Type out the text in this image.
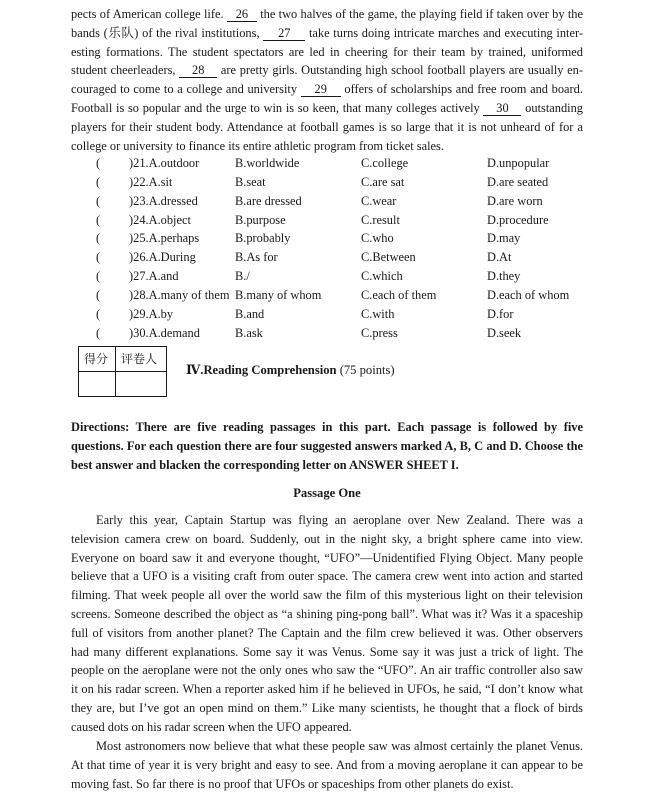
pects of American college life. 26 the two halves of the game, the playing field if taken over by the bands (乐队) of the rival institutions, 27 take turns doing intricate marches and executing inter- esting formations. The student spectators are led in cheering for their team by trained, uniformed student cheerleaders, 28 are pretty girls. Outstanding high school football players are usually en- couraged to come to a college and university 29 offers of scholarships and free room and board. Football is so popular and the urge to win is so keen, that many colleges actively 30 outstanding players for their student body. Attendance at football games is so large that it is not unheard of for a college or university to finance its entire athletic program from ticket sales.

( )21.A.outdoor	B.worldwide	C.college	D.unpopular
( )22.A.sit	B.seat	C.are sat	D.are seated
( )23.A.dressed	B.are dressed	C.wear	D.are worn
( )24.A.object	B.purpose	C.result	D.procedure
( )25.A.perhaps	B.probably	C.who	D.may
( )26.A.During	B.As for	C.Between	D.At
( )27.A.and	B./	C.which	D.they
( )28.A.many of them B.many of whom	C.each of them	D.each of whom
( )29.A.by	B.and	C.with	D.for
( )30.A.demand	B.ask	C.press	D.seek
得分 评卷人
Ⅳ.Reading Comprehension (75 points)

Directions: There are five reading passages in this part. Each passage is followed by five questions. For each question there are four suggested answers marked A, B, C and D. Choose the best answer and blacken the corresponding letter on ANSWER SHEET I.

Passage One

Early this year, Captain Startup was flying an aeroplane over New Zealand. There was a television camera crew on board. Suddenly, out in the night sky, a bright sphere came into view. Everyone on board saw it and everyone thought, “UFO”—Unidentified Flying Object. Many people believe that a UFO is a visiting craft from outer space. The camera crew went into action and started filming. That week people all over the world saw the film of this mysterious light on their television screens. Someone described the object as “a shining ping-pong ball”. What was it? Was it a spaceship full of visitors from another planet? The Captain and the film crew believed it was. Other observers had many different explanations. Some say it was Venus. Some say it was just a trick of light. The people on the aeroplane were not the only ones who saw the “UFO”. An air traffic controller also saw it on his radar screen. When a reporter asked him if he believed in UFOs, he said, “I don’t know what they are, but I’ve got an open mind on them.” Like many scientists, he thought that a flock of birds caused dots on his radar screen when the UFO appeared.

Most astronomers now believe that what these people saw was almost certainly the planet Venus. At that time of year it is very bright and easy to see. And from a moving aeroplane it can appear to be moving fast. So far there is no proof that UFOs or spaceships from other planets do exist.
